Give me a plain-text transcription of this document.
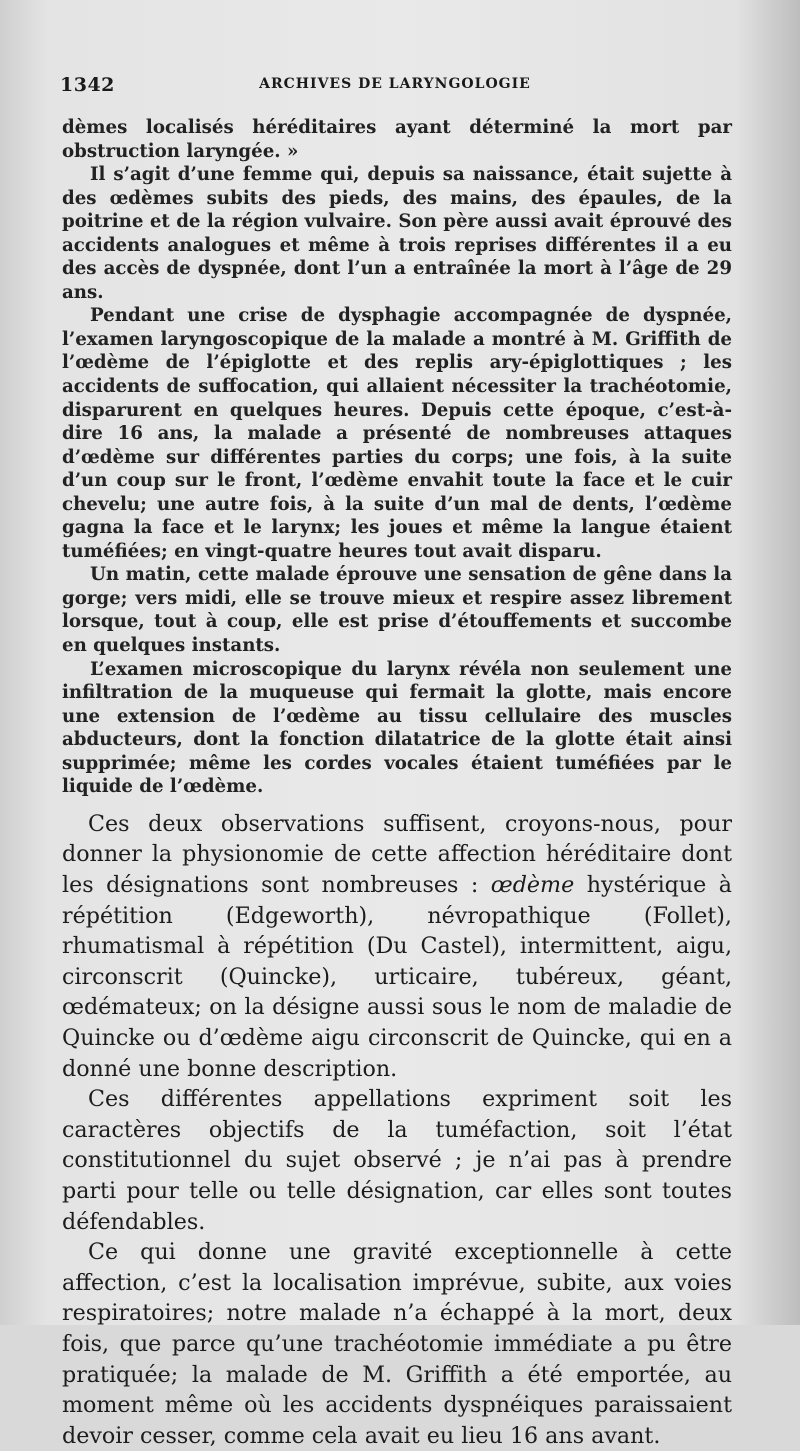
1342	ARCHIVES DE LARYNGOLOGIE

dèmes localisés héréditaires ayant déterminé la mort par obstruction laryngée. »

Il s’agit d’une femme qui, depuis sa naissance, était sujette à des œdèmes subits des pieds, des mains, des épaules, de la poitrine et de la région vulvaire. Son père aussi avait éprouvé des accidents analogues et même à trois reprises différentes il a eu des accès de dyspnée, dont l’un a entraînée la mort à l’âge de 29 ans.

Pendant une crise de dysphagie accompagnée de dyspnée, l’examen laryngoscopique de la malade a montré à M. Griffith de l’œdème de l’épiglotte et des replis ary-épiglottiques ; les accidents de suffocation, qui allaient nécessiter la trachéotomie, disparurent en quelques heures. Depuis cette époque, c’est-à-dire 16 ans, la malade a présenté de nombreuses attaques d’œdème sur différentes parties du corps; une fois, à la suite d’un coup sur le front, l’œdème envahit toute la face et le cuir chevelu; une autre fois, à la suite d’un mal de dents, l’œdème gagna la face et le larynx; les joues et même la langue étaient tuméfiées; en vingt-quatre heures tout avait disparu.

Un matin, cette malade éprouve une sensation de gêne dans la gorge; vers midi, elle se trouve mieux et respire assez librement lorsque, tout à coup, elle est prise d’étouffements et succombe en quelques instants.

L’examen microscopique du larynx révéla non seulement une infiltration de la muqueuse qui fermait la glotte, mais encore une extension de l’œdème au tissu cellulaire des muscles abducteurs, dont la fonction dilatatrice de la glotte était ainsi supprimée; même les cordes vocales étaient tuméfiées par le liquide de l’œdème.

Ces deux observations suffisent, croyons-nous, pour donner la physionomie de cette affection héréditaire dont les désignations sont nombreuses : œdème hystérique à répétition (Edgeworth), névropathique (Follet), rhumatismal à répétition (Du Castel), intermittent, aigu, circonscrit (Quincke), urticaire, tubéreux, géant, œdémateux; on la désigne aussi sous le nom de maladie de Quincke ou d’œdème aigu circonscrit de Quincke, qui en a donné une bonne description.

Ces différentes appellations expriment soit les caractères objectifs de la tuméfaction, soit l’état constitutionnel du sujet observé ; je n’ai pas à prendre parti pour telle ou telle désignation, car elles sont toutes défendables.

Ce qui donne une gravité exceptionnelle à cette affection, c’est la localisation imprévue, subite, aux voies respiratoires; notre malade n’a échappé à la mort, deux fois, que parce qu’une trachéotomie immédiate a pu être pratiquée; la malade de M. Griffith a été emportée, au moment même où les accidents dyspnéiques paraissaient devoir cesser, comme cela avait eu lieu 16 ans avant.
